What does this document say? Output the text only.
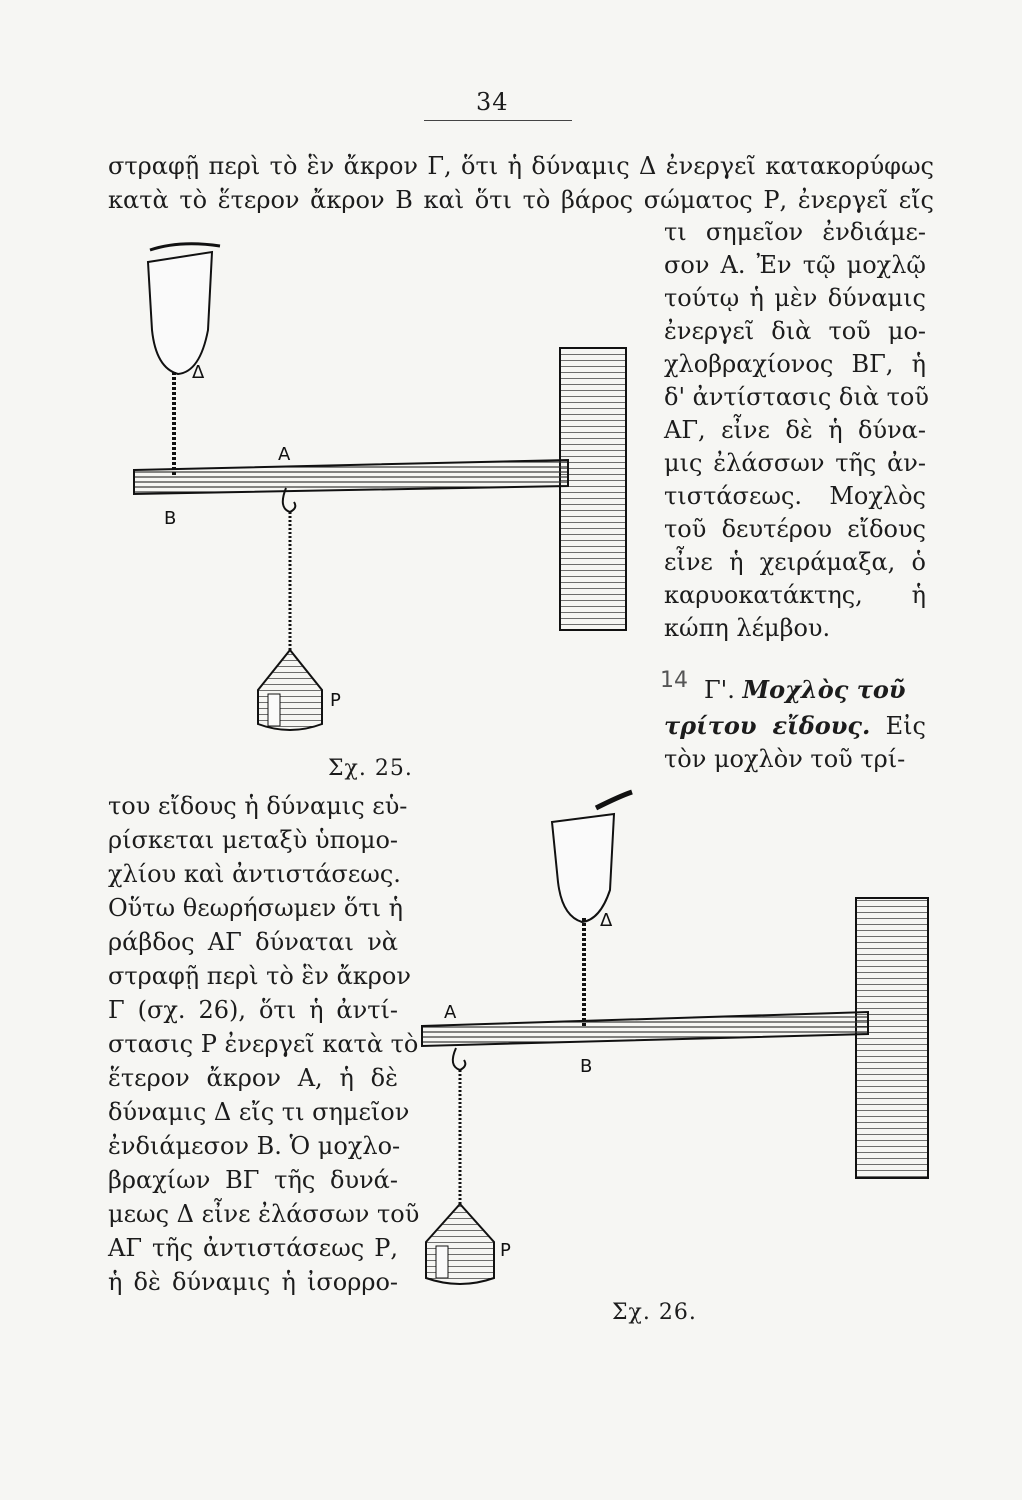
34
στραφῇ περὶ τὸ ἓν ἄκρον Γ, ὅτι ἡ δύναμις Δ ἐνεργεῖ κατακορύφως
κατὰ τὸ ἕτερον ἄκρον Β καὶ ὅτι τὸ βάρος σώματος Ρ, ἐνεργεῖ εἴς
τι σημεῖον ἐνδιάμε-
σον Α. Ἐν τῷ μοχλῷ
τούτῳ ἡ μὲν δύναμις
ἐνεργεῖ διὰ τοῦ μο-
χλοβραχίονος ΒΓ, ἡ
δ' ἀντίστασις διὰ τοῦ
ΑΓ, εἶνε δὲ ἡ δύνα-
μις ἐλάσσων τῆς ἀν-
τιστάσεως. Μοχλὸς
τοῦ δευτέρου εἴδους
εἶνε ἡ χειράμαξα, ὁ
καρυοκατάκτης, ἡ
κώπη λέμβου.
14 Γ'. Μοχλὸς τοῦ
τρίτου εἴδους. Εἰς
τὸν μοχλὸν τοῦ τρί-
Σχ. 25.
του εἴδους ἡ δύναμις εὑ-
ρίσκεται μεταξὺ ὑπομο-
χλίου καὶ ἀντιστάσεως.
Οὕτω θεωρήσωμεν ὅτι ἡ
ράβδος ΑΓ δύναται νὰ
στραφῇ περὶ τὸ ἓν ἄκρον
Γ (σχ. 26), ὅτι ἡ ἀντί-
στασις Ρ ἐνεργεῖ κατὰ τὸ
ἕτερον ἄκρον Α, ἡ δὲ
δύναμις Δ εἴς τι σημεῖον
ἐνδιάμεσον Β. Ὁ μοχλο-
βραχίων ΒΓ τῆς δυνά-
μεως Δ εἶνε ἐλάσσων τοῦ
ΑΓ τῆς ἀντιστάσεως Ρ,
ἡ δὲ δύναμις ἡ ἰσορρο-
Σχ. 26.
Δ
Α
Β
Ρ
Δ
Α
Β
Ρ
